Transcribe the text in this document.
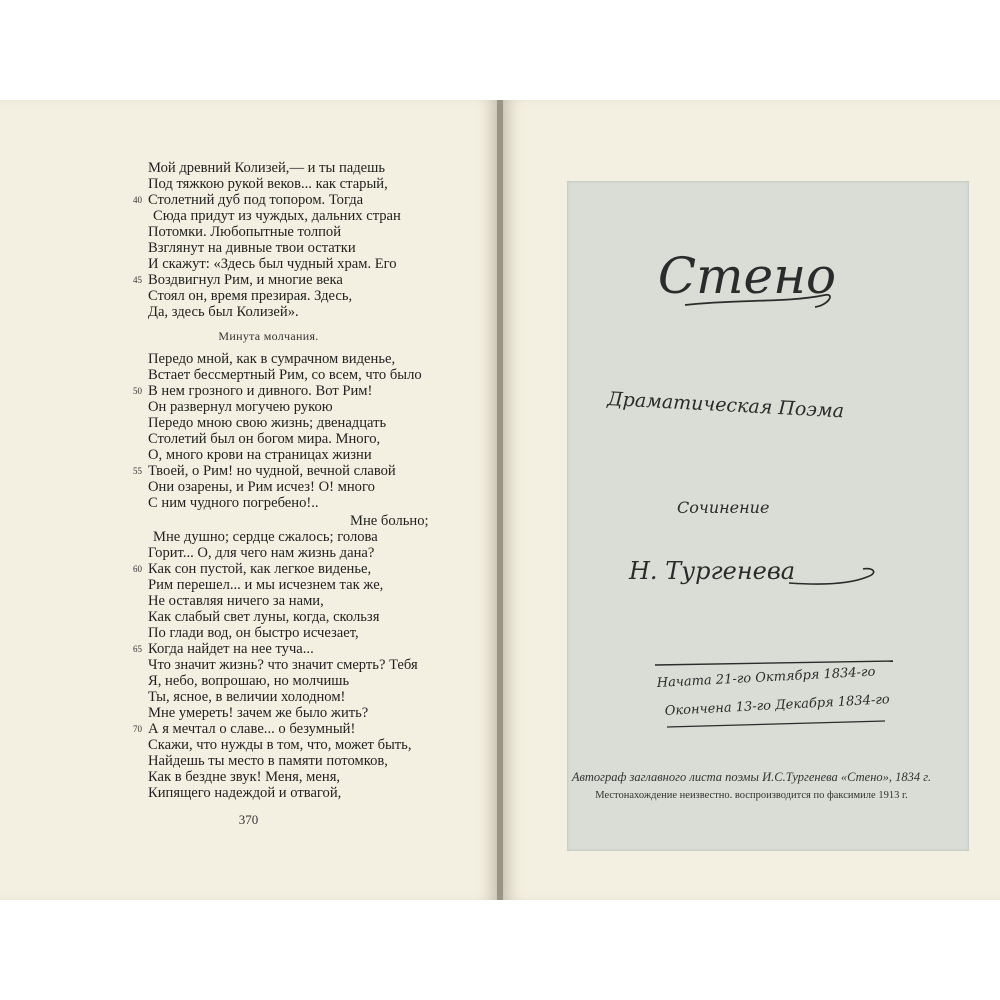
Мой древний Колизей,— и ты падешь
Под тяжкою рукой веков... как старый,
40 Столетний дуб под топором. Тогда
Сюда придут из чуждых, дальних стран
Потомки. Любопытные толпой
Взглянут на дивные твои остатки
И скажут: «Здесь был чудный храм. Его
45 Воздвигнул Рим, и многие века
Стоял он, время презирая. Здесь,
Да, здесь был Колизей».
Минута молчания.
Передо мной, как в сумрачном виденье,
Встает бессмертный Рим, со всем, что было
50 В нем грозного и дивного. Вот Рим!
Он развернул могучею рукою
Передо мною свою жизнь; двенадцать
Столетий был он богом мира. Много,
О, много крови на страницах жизни
55 Твоей, о Рим! но чудной, вечной славой
Они озарены, и Рим исчез! О! много
С ним чудного погребено!..
Мне больно;
Мне душно; сердце сжалось; голова
Горит... О, для чего нам жизнь дана?
60 Как сон пустой, как легкое виденье,
Рим перешел... и мы исчезнем так же,
Не оставляя ничего за нами,
Как слабый свет луны, когда, скользя
По глади вод, он быстро исчезает,
65 Когда найдет на нее туча...
Что значит жизнь? что значит смерть? Тебя
Я, небо, вопрошаю, но молчишь
Ты, ясное, в величии холодном!
Мне умереть! зачем же было жить?
70 А я мечтал о славе... о безумный!
Скажи, что нужды в том, что, может быть,
Найдешь ты место в памяти потомков,
Как в бездне звук! Меня, меня,
Кипящего надеждой и отвагой,
370
Стено
Драматическая Поэма
Сочинение
Н. Тургенева
Начата 21-го Октября 1834-го
Окончена 13-го Декабря 1834-го
Автограф заглавного листа поэмы И.С.Тургенева «Стено», 1834 г.
Местонахождение неизвестно. воспроизводится по факсимиле 1913 г.
